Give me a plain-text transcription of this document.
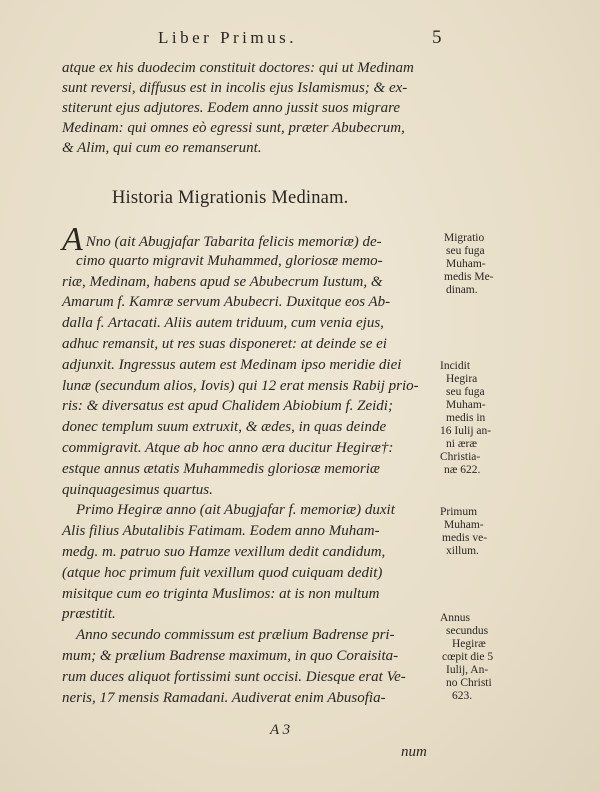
Liber Primus.	5
atque ex his duodecim constituit doctores: qui ut Medinam
sunt reversi, diffusus est in incolis ejus Islamismus; & ex-
stiterunt ejus adjutores. Eodem anno jussit suos migrare
Medinam: qui omnes eò egressi sunt, præter Abubecrum,
& Alim, qui cum eo remanserunt.
Historia Migrationis Medinam.
A Nno (ait Abugjafar Tabarita felicis memoriæ) de-
cimo quarto migravit Muhammed, gloriosæ memo-
riæ, Medinam, habens apud se Abubecrum Iustum, &
Amarum f. Kamræ servum Abubecri. Duxitque eos Ab-
dalla f. Artacati. Aliis autem triduum, cum venia ejus,
adhuc remansit, ut res suas disponeret: at deinde se ei
adjunxit. Ingressus autem est Medinam ipso meridie diei
lunæ (secundum alios, Iovis) qui 12 erat mensis Rabij prio-
ris: & diversatus est apud Chalidem Abiobium f. Zeidi;
donec templum suum extruxit, & ædes, in quas deinde
commigravit. Atque ab hoc anno æra ducitur Hegiræ†:
estque annus ætatis Muhammedis gloriosæ memoriæ
quinquagesimus quartus.
Primo Hegiræ anno (ait Abugjafar f. memoriæ) duxit
Alis filius Abutalibis Fatimam. Eodem anno Muham-
medg. m. patruo suo Hamze vexillum dedit candidum,
(atque hoc primum fuit vexillum quod cuiquam dedit)
misitque cum eo triginta Muslimos: at is non multum
præstitit.
Anno secundo commissum est prælium Badrense pri-
mum; & prælium Badrense maximum, in quo Coraisita-
rum duces aliquot fortissimi sunt occisi. Diesque erat Ve-
neris, 17 mensis Ramadani. Audiverat enim Abusofia-
Migratio
seu fuga
Muham-
medis Me-
dinam.
Incidit
Hegira
seu fuga
Muham-
medis in
16 Iulij an-
ni æræ
Christia-
næ 622.
Primum
Muham-
medis ve-
xillum.
Annus
secundus
Hegiræ
cœpit die 5
Iulij, An-
no Christi
623.
A 3
num
